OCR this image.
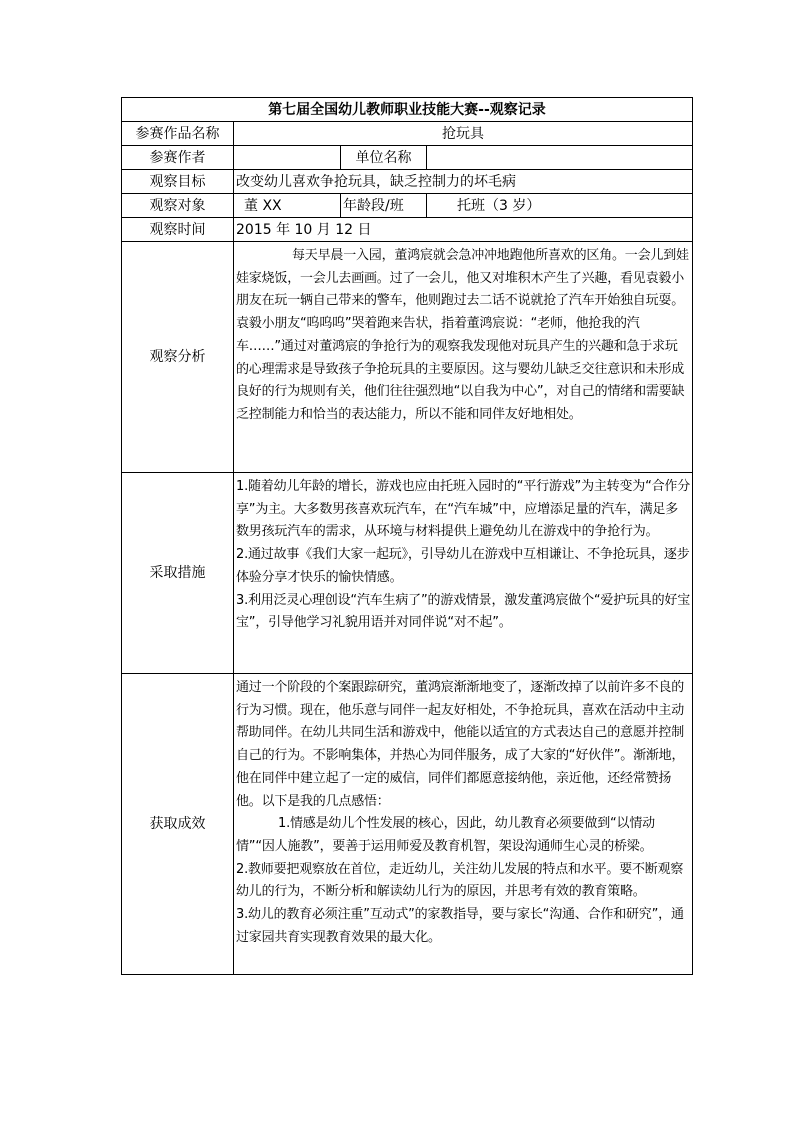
第七届全国幼儿教师职业技能大赛--观察记录			
参赛作品名称	抢玩具		
参赛作者		单位名称	
观察目标	改变幼儿喜欢争抢玩具，缺乏控制力的坏毛病		
观察对象	董 XX	年龄段/班	托班（3 岁）
观察时间	2015 年 10 月 12 日		
观察分析	每天早晨一入园，董鸿宸就会急冲冲地跑他所喜欢的区角。一会儿到娃娃家烧饭，一会儿去画画。过了一会儿，他又对堆积木产生了兴趣，看见袁毅小朋友在玩一辆自己带来的警车，他则跑过去二话不说就抢了汽车开始独自玩耍。袁毅小朋友“呜呜呜”哭着跑来告状，指着董鸿宸说：“老师，他抢我的汽车……”通过对董鸿宸的争抢行为的观察我发现他对玩具产生的兴趣和急于求玩的心理需求是导致孩子争抢玩具的主要原因。这与婴幼儿缺乏交往意识和未形成良好的行为规则有关，他们往往强烈地“以自我为中心”，对自己的情绪和需要缺乏控制能力和恰当的表达能力，所以不能和同伴友好地相处。		

采取措施	1.随着幼儿年龄的增长，游戏也应由托班入园时的“平行游戏”为主转变为“合作分享”为主。大多数男孩喜欢玩汽车，在“汽车城”中，应增添足量的汽车，满足多数男孩玩汽车的需求，从环境与材料提供上避免幼儿在游戏中的争抢行为。

2.通过故事《我们大家一起玩》，引导幼儿在游戏中互相谦让、不争抢玩具，逐步体验分享才快乐的愉快情感。

3.利用泛灵心理创设“汽车生病了”的游戏情景，激发董鸿宸做个“爱护玩具的好宝宝”，引导他学习礼貌用语并对同伴说“对不起”。		

获取成效	通过一个阶段的个案跟踪研究，董鸿宸渐渐地变了，逐渐改掉了以前许多不良的行为习惯。现在，他乐意与同伴一起友好相处，不争抢玩具，喜欢在活动中主动帮助同伴。在幼儿共同生活和游戏中，他能以适宜的方式表达自己的意愿并控制自己的行为。不影响集体，并热心为同伴服务，成了大家的“好伙伴”。渐渐地，他在同伴中建立起了一定的威信，同伴们都愿意接纳他，亲近他，还经常赞扬他。以下是我的几点感悟：

1.情感是幼儿个性发展的核心，因此，幼儿教育必须要做到“以情动情”“因人施教”，要善于运用师爱及教育机智，架设沟通师生心灵的桥梁。

2.教师要把观察放在首位，走近幼儿，关注幼儿发展的特点和水平。要不断观察幼儿的行为，不断分析和解读幼儿行为的原因，并思考有效的教育策略。

3.幼儿的教育必须注重”互动式”的家教指导，要与家长“沟通、合作和研究”，通过家园共育实现教育效果的最大化。		
